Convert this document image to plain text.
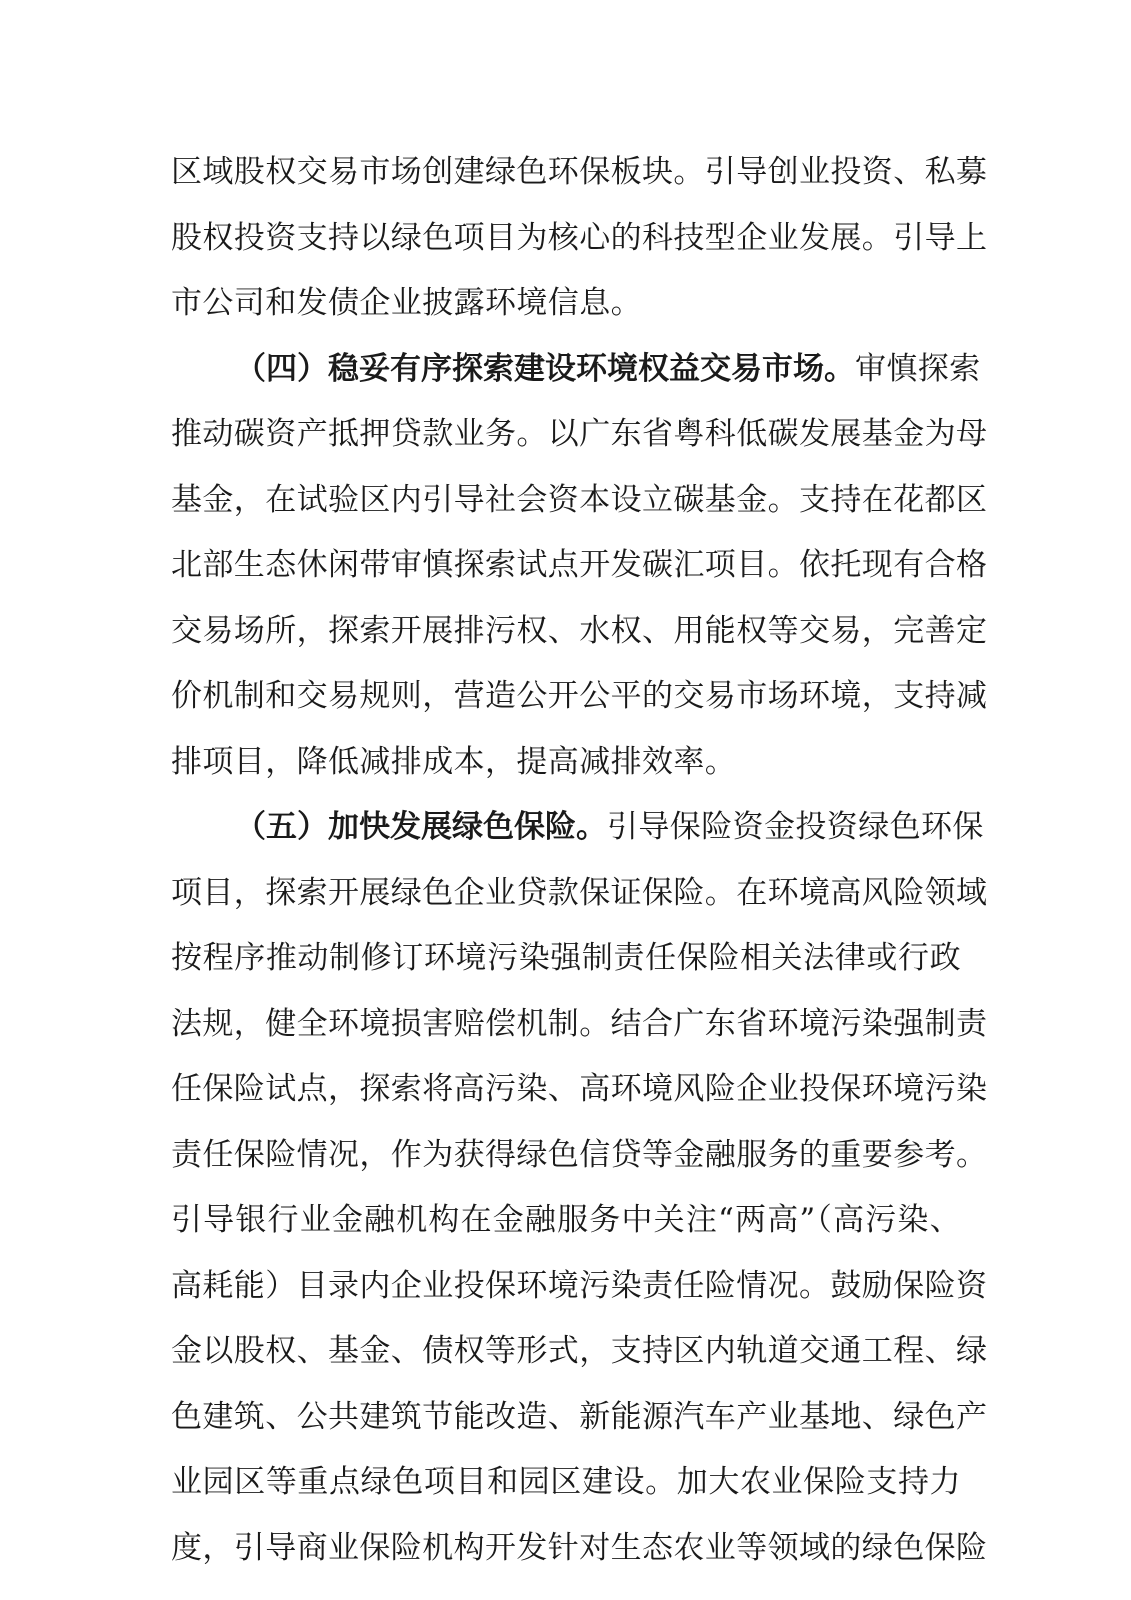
区域股权交易市场创建绿色环保板块。引导创业投资、私募
股权投资支持以绿色项目为核心的科技型企业发展。引导上
市公司和发债企业披露环境信息。
（四）稳妥有序探索建设环境权益交易市场。审慎探索
推动碳资产抵押贷款业务。以广东省粤科低碳发展基金为母
基金，在试验区内引导社会资本设立碳基金。支持在花都区
北部生态休闲带审慎探索试点开发碳汇项目。依托现有合格
交易场所，探索开展排污权、水权、用能权等交易，完善定
价机制和交易规则，营造公开公平的交易市场环境，支持减
排项目，降低减排成本，提高减排效率。
（五）加快发展绿色保险。引导保险资金投资绿色环保
项目，探索开展绿色企业贷款保证保险。在环境高风险领域
按程序推动制修订环境污染强制责任保险相关法律或行政
法规，健全环境损害赔偿机制。结合广东省环境污染强制责
任保险试点，探索将高污染、高环境风险企业投保环境污染
责任保险情况，作为获得绿色信贷等金融服务的重要参考。
引导银行业金融机构在金融服务中关注“两高”（高污染、
高耗能）目录内企业投保环境污染责任险情况。鼓励保险资
金以股权、基金、债权等形式，支持区内轨道交通工程、绿
色建筑、公共建筑节能改造、新能源汽车产业基地、绿色产
业园区等重点绿色项目和园区建设。加大农业保险支持力
度，引导商业保险机构开发针对生态农业等领域的绿色保险
